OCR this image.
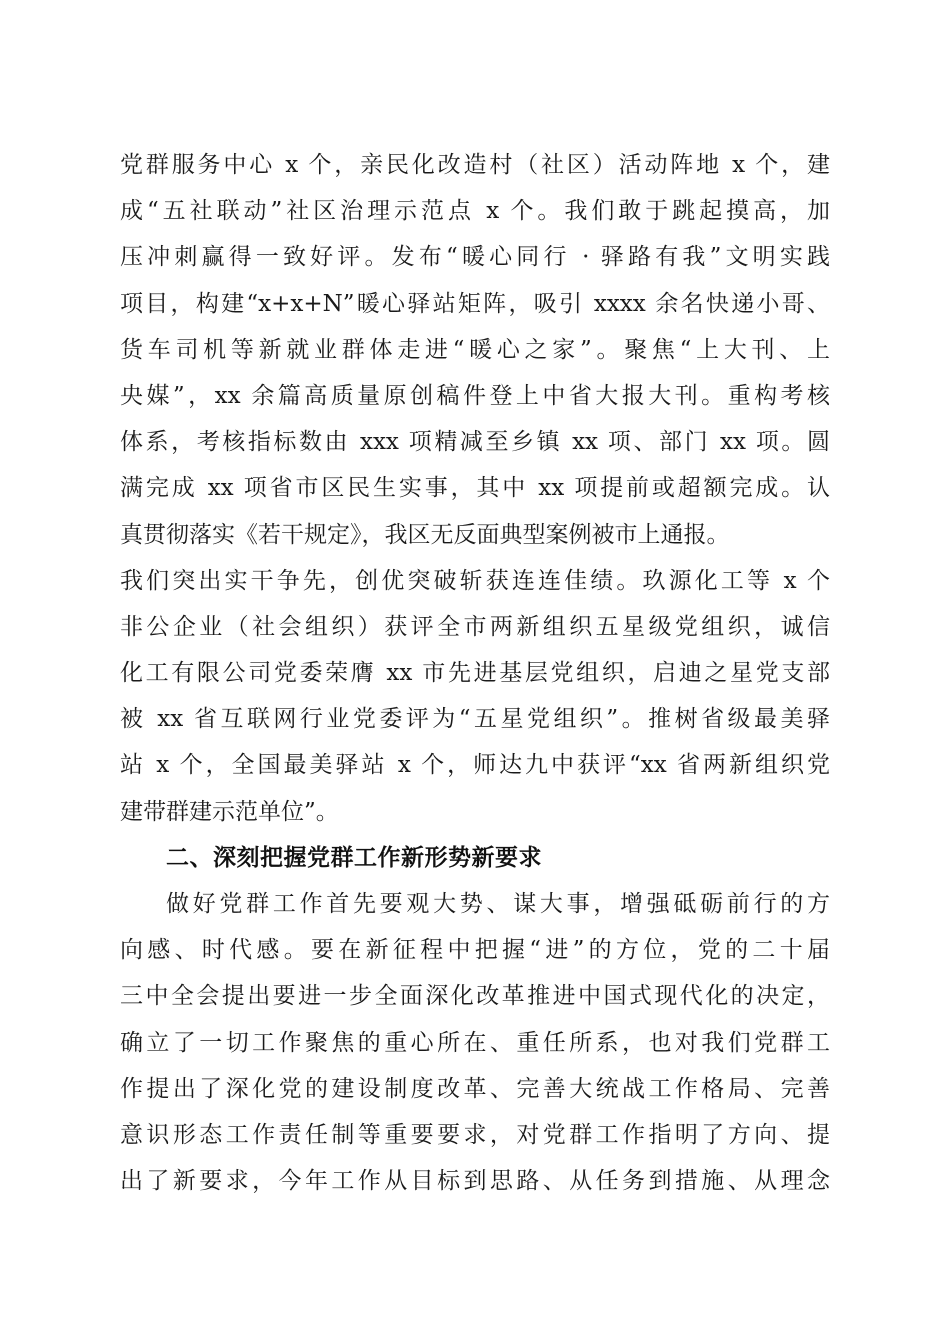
党群服务中心 x 个，亲民化改造村（社区）活动阵地 x 个，建
成“五社联动”社区治理示范点 x 个。我们敢于跳起摸高，加
压冲刺赢得一致好评。发布“暖心同行 · 驿路有我”文明实践
项目，构建“x+x+N”暖心驿站矩阵，吸引 xxxx 余名快递小哥、
货车司机等新就业群体走进“暖心之家”。聚焦“上大刊、上
央媒”，xx 余篇高质量原创稿件登上中省大报大刊。重构考核
体系，考核指标数由 xxx 项精减至乡镇 xx 项、部门 xx 项。圆
满完成 xx 项省市区民生实事，其中 xx 项提前或超额完成。认
真贯彻落实《若干规定》，我区无反面典型案例被市上通报。
我们突出实干争先，创优突破斩获连连佳绩。玖源化工等 x 个
非公企业（社会组织）获评全市两新组织五星级党组织，诚信
化工有限公司党委荣膺 xx 市先进基层党组织，启迪之星党支部
被 xx 省互联网行业党委评为“五星党组织”。推树省级最美驿
站 x 个，全国最美驿站 x 个，师达九中获评“xx 省两新组织党
建带群建示范单位”。
二、深刻把握党群工作新形势新要求
做好党群工作首先要观大势、谋大事，增强砥砺前行的方
向感、时代感。要在新征程中把握“进”的方位，党的二十届
三中全会提出要进一步全面深化改革推进中国式现代化的决定，
确立了一切工作聚焦的重心所在、重任所系，也对我们党群工
作提出了深化党的建设制度改革、完善大统战工作格局、完善
意识形态工作责任制等重要要求，对党群工作指明了方向、提
出了新要求，今年工作从目标到思路、从任务到措施、从理念
